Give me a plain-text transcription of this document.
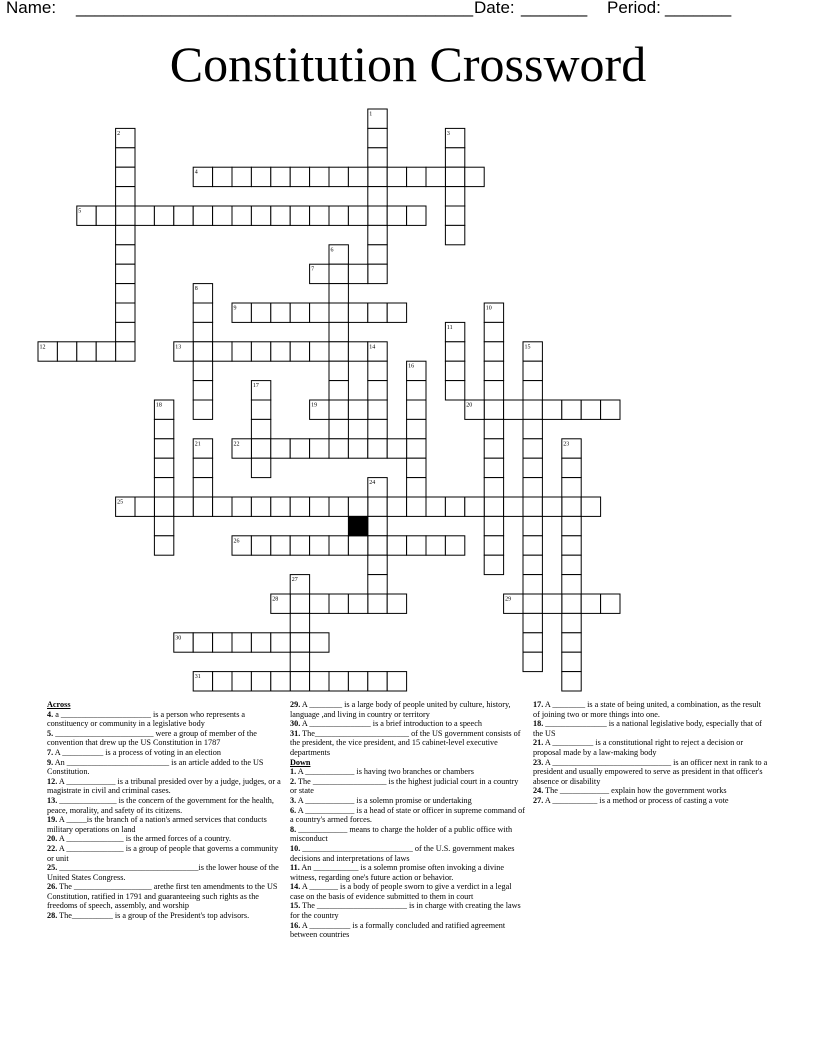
Name: __________________________________________ Date: _______ Period: _______
Constitution Crossword
1
2	3
4
5
6
7
8
9	10
11
12	13	14	15
16
17
18	19	20
21	22	23
24
25
26
27
28	29
30
31
Across
4. a ______________________ is a person who represents a constituency or community in a legislative body
5. ________________________ were a group of member of the convention that drew up the US Constitution in 1787
7. A __________ is a process of voting in an election
9. An _________________________ is an article added to the US Constitution.
12. A ____________ is a tribunal presided over by a judge, judges, or a magistrate in civil and criminal cases.
13. ______________ is the concern of the government for the health, peace, morality, and safety of its citizens.
19. A _____is the branch of a nation's armed services that conducts military operations on land
20. A ______________ is the armed forces of a country.
22. A ______________ is a group of people that governs a community or unit
25. __________________________________is the lower house of the United States Congress.
26. The ___________________ arethe first ten amendments to the US Constitution, ratified in 1791 and guaranteeing such rights as the freedoms of speech, assembly, and worship
28. The__________ is a group of the President's top advisors.
29. A ________ is a large body of people united by culture, history, language ,and living in country or territory
30. A _______________ is a brief introduction to a speech
31. The_______________________ of the US government consists of the president, the vice president, and 15 cabinet-level executive departments
Down
1. A ____________ is having two branches or chambers
2. The __________________ is the highest judicial court in a country or state
3. A ____________ is a solemn promise or undertaking
6. A ____________ is a head of state or officer in supreme command of a country's armed forces.
8. ____________ means to charge the holder of a public office with misconduct
10. ___________________________ of the U.S. government makes decisions and interpretations of laws
11. An ___________ is a solemn promise often invoking a divine witness, regarding one's future action or behavior.
14. A _______ is a body of people sworn to give a verdict in a legal case on the basis of evidence submitted to them in court
15. The ______________________ is in charge with creating the laws for the country
16. A __________ is a formally concluded and ratified agreement between countries
17. A ________ is a state of being united, a combination, as the result of joining two or more things into one.
18. _______________ is a national legislative body, especially that of the US
21. A __________ is a constitutional right to reject a decision or proposal made by a law-making body
23. A _____________________________ is an officer next in rank to a president and usually empowered to serve as president in that officer's absence or disability
24. The ____________ explain how the government works
27. A ___________ is a method or process of casting a vote
